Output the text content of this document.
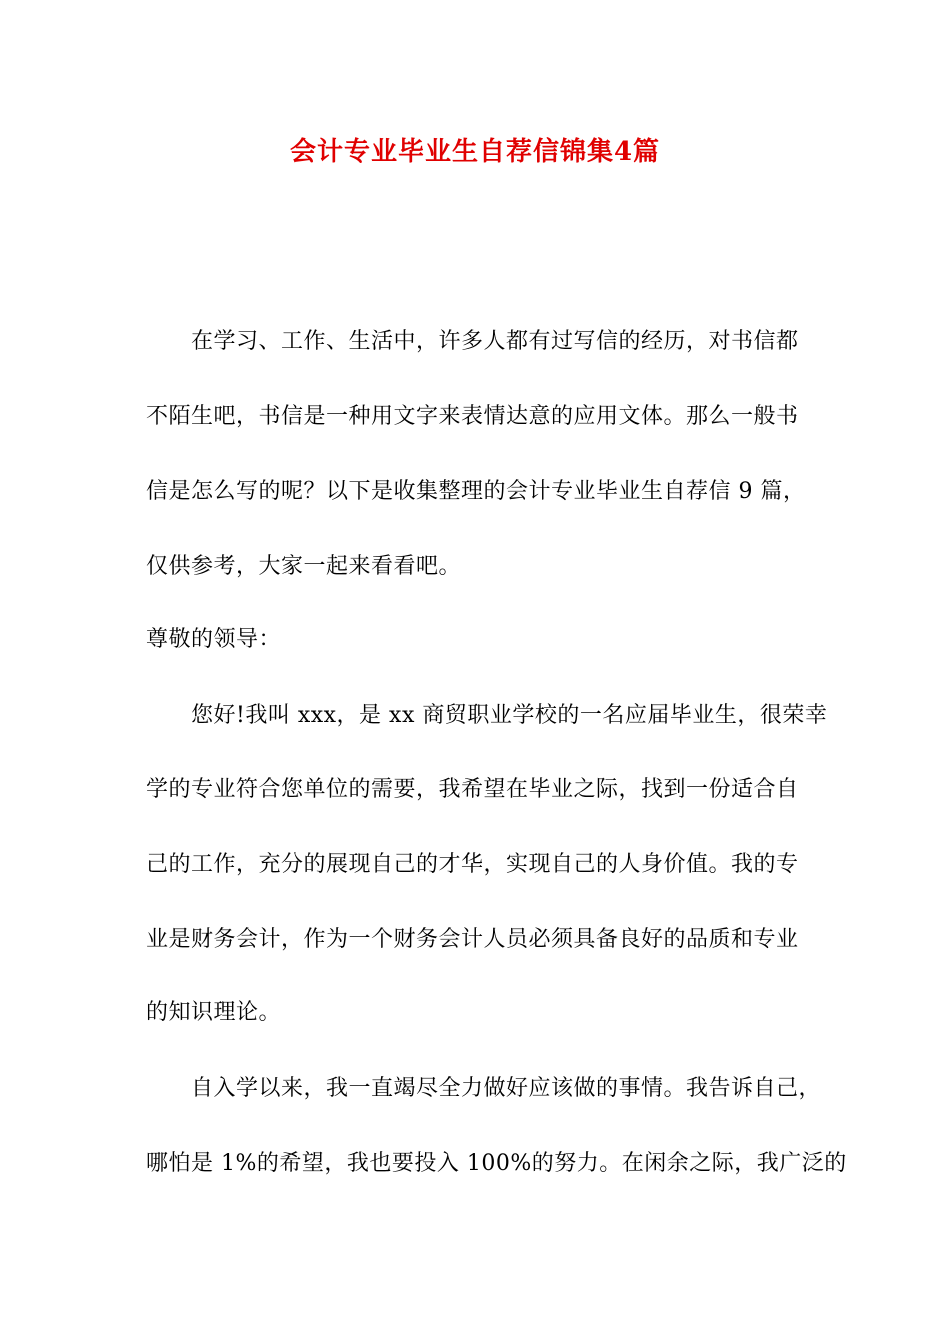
会计专业毕业生自荐信锦集4篇
在学习、工作、生活中，许多人都有过写信的经历，对书信都
不陌生吧，书信是一种用文字来表情达意的应用文体。那么一般书
信是怎么写的呢？以下是收集整理的会计专业毕业生自荐信 9 篇，
仅供参考，大家一起来看看吧。
尊敬的领导：
您好!我叫 xxx，是 xx 商贸职业学校的一名应届毕业生，很荣幸
学的专业符合您单位的需要，我希望在毕业之际，找到一份适合自
己的工作，充分的展现自己的才华，实现自己的人身价值。我的专
业是财务会计，作为一个财务会计人员必须具备良好的品质和专业
的知识理论。
自入学以来，我一直竭尽全力做好应该做的事情。我告诉自己，
哪怕是 1%的希望，我也要投入 100%的努力。在闲余之际，我广泛的
